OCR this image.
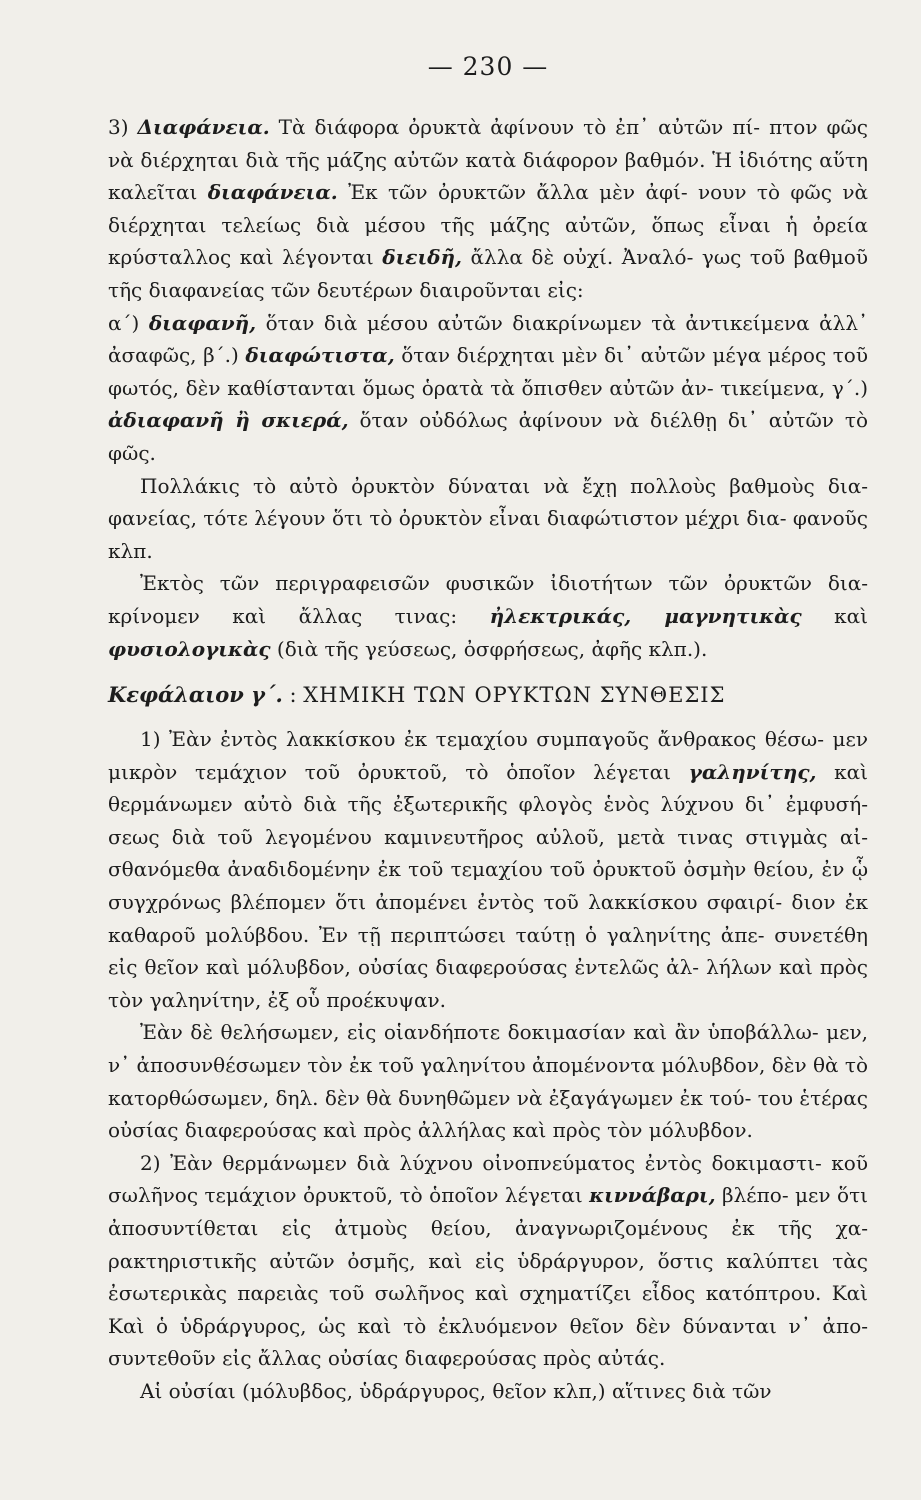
— 230 —

3) Διαφάνεια. Τὰ διάφορα ὀρυκτὰ ἀφίνουν τὸ ἐπ᾽ αὐτῶν πί- πτον φῶς νὰ διέρχηται διὰ τῆς μάζης αὐτῶν κατὰ διάφορον βαθμόν. Ἡ ἰδιότης αὕτη καλεῖται διαφάνεια. Ἐκ τῶν ὀρυκτῶν ἄλλα μὲν ἀφί- νουν τὸ φῶς νὰ διέρχηται τελείως διὰ μέσου τῆς μάζης αὐτῶν, ὅπως εἶναι ἡ ὀρεία κρύσταλλος καὶ λέγονται διειδῆ, ἄλλα δὲ οὐχί. Ἀναλό- γως τοῦ βαθμοῦ τῆς διαφανείας τῶν δευτέρων διαιροῦνται εἰς:

α΄) διαφανῆ, ὅταν διὰ μέσου αὐτῶν διακρίνωμεν τὰ ἀντικείμενα ἀλλ᾽ ἀσαφῶς, β΄.) διαφώτιστα, ὅταν διέρχηται μὲν δι᾽ αὐτῶν μέγα μέρος τοῦ φωτός, δὲν καθίστανται ὅμως ὁρατὰ τὰ ὄπισθεν αὐτῶν ἀν- τικείμενα, γ΄.) ἀδιαφανῆ ἢ σκιερά, ὅταν οὐδόλως ἀφίνουν νὰ διέλθῃ δι᾽ αὐτῶν τὸ φῶς.

Πολλάκις τὸ αὐτὸ ὀρυκτὸν δύναται νὰ ἔχῃ πολλοὺς βαθμοὺς δια- φανείας, τότε λέγουν ὅτι τὸ ὀρυκτὸν εἶναι διαφώτιστον μέχρι δια- φανοῦς κλπ.

Ἐκτὸς τῶν περιγραφεισῶν φυσικῶν ἰδιοτήτων τῶν ὀρυκτῶν δια- κρίνομεν καὶ ἄλλας τινας: ἠλεκτρικάς, μαγνητικὰς καὶ φυσιολογικὰς (διὰ τῆς γεύσεως, ὀσφρήσεως, ἀφῆς κλπ.).

Κεφάλαιον γ΄. : ΧΗΜΙΚΗ ΤΩΝ ΟΡΥΚΤΩΝ ΣΥΝΘΕΣΙΣ

1) Ἐὰν ἐντὸς λακκίσκου ἐκ τεμαχίου συμπαγοῦς ἄνθρακος θέσω- μεν μικρὸν τεμάχιον τοῦ ὀρυκτοῦ, τὸ ὁποῖον λέγεται γαληνίτης, καὶ θερμάνωμεν αὐτὸ διὰ τῆς ἐξωτερικῆς φλογὸς ἑνὸς λύχνου δι᾽ ἐμφυσή- σεως διὰ τοῦ λεγομένου καμινευτῆρος αὐλοῦ, μετὰ τινας στιγμὰς αἰ- σθανόμεθα ἀναδιδομένην ἐκ τοῦ τεμαχίου τοῦ ὀρυκτοῦ ὀσμὴν θείου, ἐν ᾧ συγχρόνως βλέπομεν ὅτι ἀπομένει ἐντὸς τοῦ λακκίσκου σφαιρί- διον ἐκ καθαροῦ μολύβδου. Ἐν τῇ περιπτώσει ταύτῃ ὁ γαληνίτης ἀπε- συνετέθη εἰς θεῖον καὶ μόλυβδον, οὐσίας διαφερούσας ἐντελῶς ἀλ- λήλων καὶ πρὸς τὸν γαληνίτην, ἐξ οὗ προέκυψαν.

Ἐὰν δὲ θελήσωμεν, εἰς οἱανδήποτε δοκιμασίαν καὶ ἂν ὑποβάλλω- μεν, ν᾽ ἀποσυνθέσωμεν τὸν ἐκ τοῦ γαληνίτου ἀπομένοντα μόλυβδον, δὲν θὰ τὸ κατορθώσωμεν, δηλ. δὲν θὰ δυνηθῶμεν νὰ ἐξαγάγωμεν ἐκ τού- του ἑτέρας οὐσίας διαφερούσας καὶ πρὸς ἀλλήλας καὶ πρὸς τὸν μόλυβδον.

2) Ἐὰν θερμάνωμεν διὰ λύχνου οἰνοπνεύματος ἐντὸς δοκιμαστι- κοῦ σωλῆνος τεμάχιον ὀρυκτοῦ, τὸ ὁποῖον λέγεται κιννάβαρι, βλέπο- μεν ὅτι ἀποσυντίθεται εἰς ἀτμοὺς θείου, ἀναγνωριζομένους ἐκ τῆς χα- ρακτηριστικῆς αὐτῶν ὀσμῆς, καὶ εἰς ὑδράργυρον, ὅστις καλύπτει τὰς ἐσωτερικὰς παρειὰς τοῦ σωλῆνος καὶ σχηματίζει εἶδος κατόπτρου. Καὶ Καὶ ὁ ὑδράργυρος, ὡς καὶ τὸ ἐκλυόμενον θεῖον δὲν δύνανται ν᾽ ἀπο- συντεθοῦν εἰς ἄλλας οὐσίας διαφερούσας πρὸς αὐτάς.

Αἱ οὐσίαι (μόλυβδος, ὑδράργυρος, θεῖον κλπ,) αἵτινες διὰ τῶν
